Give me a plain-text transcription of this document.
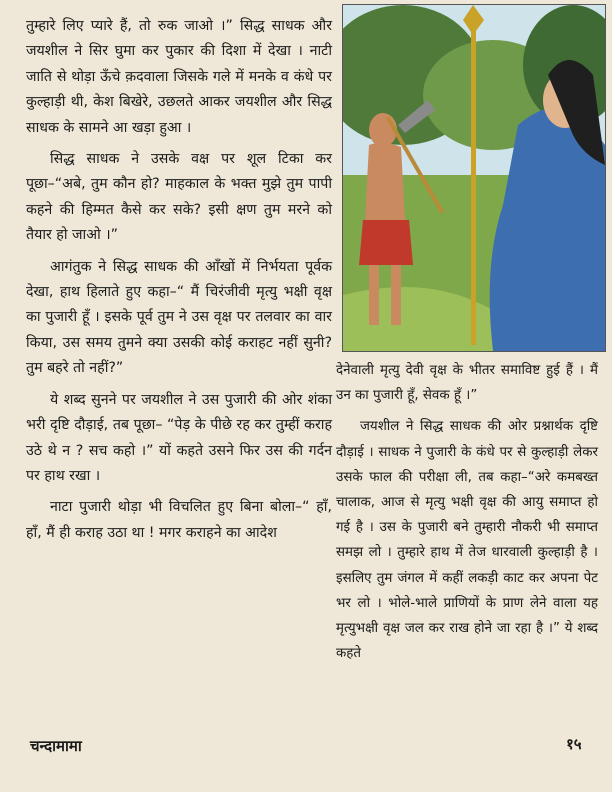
तुम्हारे लिए प्यारे हैं, तो रुक जाओ ।” सिद्ध साधक और जयशील ने सिर घुमा कर पुकार की दिशा में देखा । नाटी जाति से थोड़ा ऊँचे क़दवाला जिसके गले में मनके व कंधे पर कुल्हाड़ी थी, केश बिखेरे, उछलते आकर जयशील और सिद्ध साधक के सामने आ खड़ा हुआ ।

सिद्ध साधक ने उसके वक्ष पर शूल टिका कर पूछा–“अबे, तुम कौन हो? माहकाल के भक्त मुझे तुम पापी कहने की हिम्मत कैसे कर सके? इसी क्षण तुम मरने को तैयार हो जाओ ।”

आगंतुक ने सिद्ध साधक की आँखों में निर्भयता पूर्वक देखा, हाथ हिलाते हुए कहा–“ मैं चिरंजीवी मृत्यु भक्षी वृक्ष का पुजारी हूँ । इसके पूर्व तुम ने उस वृक्ष पर तलवार का वार किया, उस समय तुमने क्या उसकी कोई कराहट नहीं सुनी? तुम बहरे तो नहीं?”

ये शब्द सुनने पर जयशील ने उस पुजारी की ओर शंका भरी दृष्टि दौड़ाई, तब पूछा– “पेड़ के पीछे रह कर तुम्हीं कराह उठे थे न ? सच कहो ।” यों कहते उसने फिर उस की गर्दन पर हाथ रखा ।

नाटा पुजारी थोड़ा भी विचलित हुए बिना बोला–“ हाँ, हाँ, मैं ही कराह उठा था ! मगर कराहने का आदेश

देनेवाली मृत्यु देवी वृक्ष के भीतर समाविष्ट हुई हैं । मैं उन का पुजारी हूँ, सेवक हूँ ।”

जयशील ने सिद्ध साधक की ओर प्रश्नार्थक दृष्टि दौड़ाई । साधक ने पुजारी के कंधे पर से कुल्हाड़ी लेकर उसके फाल की परीक्षा ली, तब कहा–“अरे कमबख्त चालाक, आज से मृत्यु भक्षी वृक्ष की आयु समाप्त हो गई है । उस के पुजारी बने तुम्हारी नौकरी भी समाप्त समझ लो । तुम्हारे हाथ में तेज धारवाली कुल्हाड़ी है । इसलिए तुम जंगल में कहीं लकड़ी काट कर अपना पेट भर लो । भोले-भाले प्राणियों के प्राण लेने वाला यह मृत्युभक्षी वृक्ष जल कर राख होने जा रहा है ।” ये शब्द कहते

चन्दामामा	१५
